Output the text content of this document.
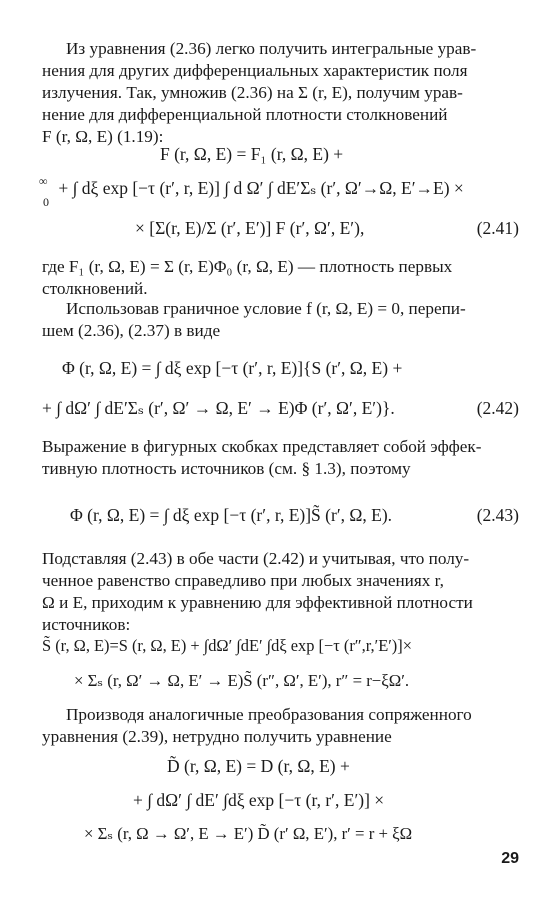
Из уравнения (2.36) легко получить интегральные урав-
нения для других дифференциальных характеристик поля
излучения. Так, умножив (2.36) на Σ (r, E), получим урав-
нение для дифференциальной плотности столкновений
F (r, Ω, E) (1.19):

F (r, Ω, E) = F₁ (r, Ω, E) +
∞
0
+ ∫ dξ exp [−τ (r′, r, E)] ∫ d Ω′ ∫ dE′Σₛ (r′, Ω′→Ω, E′→E) ×
× [Σ(r, E)/Σ (r′, E′)] F (r′, Ω′, E′),	(2.41)

где F₁ (r, Ω, E) = Σ (r, E)Φ₀ (r, Ω, E) — плотность первых
столкновений.

Использовав граничное условие f (r, Ω, E) = 0, перепи-
шем (2.36), (2.37) в виде

Φ (r, Ω, E) = ∫ dξ exp [−τ (r′, r, E)]{S (r′, Ω, E) +
+ ∫ dΩ′ ∫ dE′Σₛ (r′, Ω′ → Ω, E′ → E)Φ (r′, Ω′, E′)}.	(2.42)

Выражение в фигурных скобках представляет собой эффек-
тивную плотность источников (см. § 1.3), поэтому

Φ (r, Ω, E) = ∫ dξ exp [−τ (r′, r, E)]S̃ (r′, Ω, E).	(2.43)

Подставляя (2.43) в обе части (2.42) и учитывая, что полу-
ченное равенство справедливо при любых значениях r,
Ω и E, приходим к уравнению для эффективной плотности
источников:

S̃ (r, Ω, E)=S (r, Ω, E) + ∫dΩ′ ∫dE′ ∫dξ exp [−τ (r″,r,′E′)]×
× Σₛ (r, Ω′ → Ω, E′ → E)S̃ (r″, Ω′, E′), r″ = r−ξΩ′.

Производя аналогичные преобразования сопряженного
уравнения (2.39), нетрудно получить уравнение

D̃ (r, Ω, E) = D (r, Ω, E) +
+ ∫ dΩ′ ∫ dE′ ∫dξ exp [−τ (r, r′, E′)] ×
× Σₛ (r, Ω → Ω′, E → E′) D̃ (r′ Ω, E′), r′ = r + ξΩ
29
